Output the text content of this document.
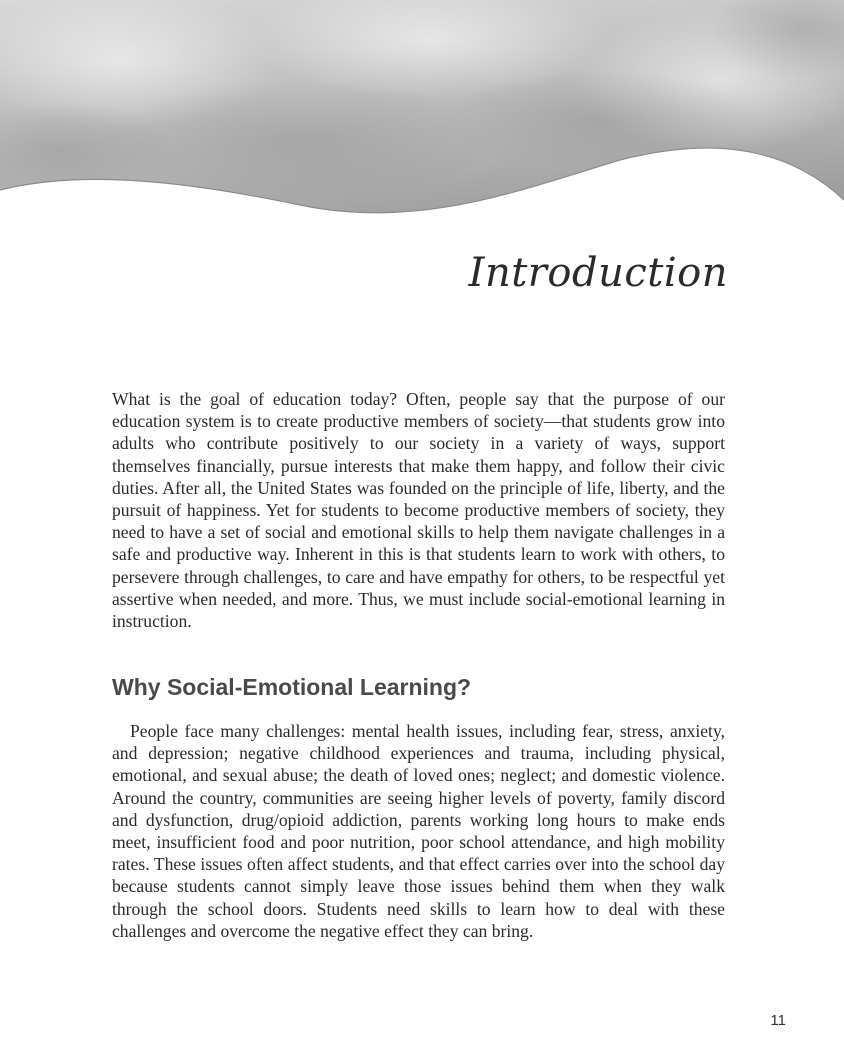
Introduction

What is the goal of education today? Often, people say that the purpose of our education system is to create productive members of society—that students grow into adults who contribute positively to our society in a variety of ways, support themselves financially, pursue interests that make them happy, and follow their civic duties. After all, the United States was founded on the principle of life, liberty, and the pursuit of happiness. Yet for students to become productive members of society, they need to have a set of social and emotional skills to help them navigate challenges in a safe and productive way. Inherent in this is that students learn to work with others, to persevere through challenges, to care and have empathy for others, to be respectful yet assertive when needed, and more. Thus, we must include social-emotional learning in instruction.

Why Social-Emotional Learning?

People face many challenges: mental health issues, including fear, stress, anxiety, and depression; negative childhood experiences and trauma, including physical, emotional, and sexual abuse; the death of loved ones; neglect; and domestic violence. Around the country, communities are seeing higher levels of poverty, family discord and dysfunction, drug/opioid addiction, parents working long hours to make ends meet, insufficient food and poor nutrition, poor school attendance, and high mobility rates. These issues often affect students, and that effect carries over into the school day because students cannot simply leave those issues behind them when they walk through the school doors. Students need skills to learn how to deal with these challenges and overcome the negative effect they can bring.

11
